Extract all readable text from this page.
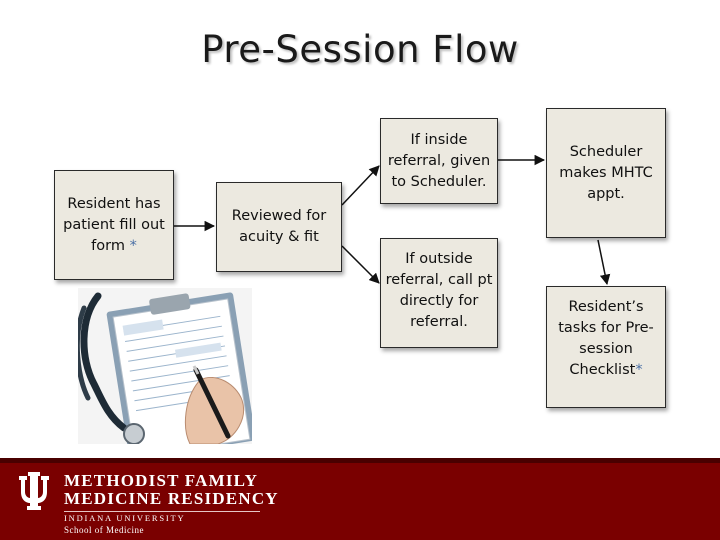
Pre-Session Flow
Resident has patient fill out form *
Reviewed for acuity & fit
If inside referral, given to Scheduler.
If outside referral, call pt directly for referral.
Scheduler makes MHTC appt.
Resident’s tasks for Pre-session Checklist*
METHODIST FAMILY
MEDICINE RESIDENCY
INDIANA UNIVERSITY
School of Medicine
